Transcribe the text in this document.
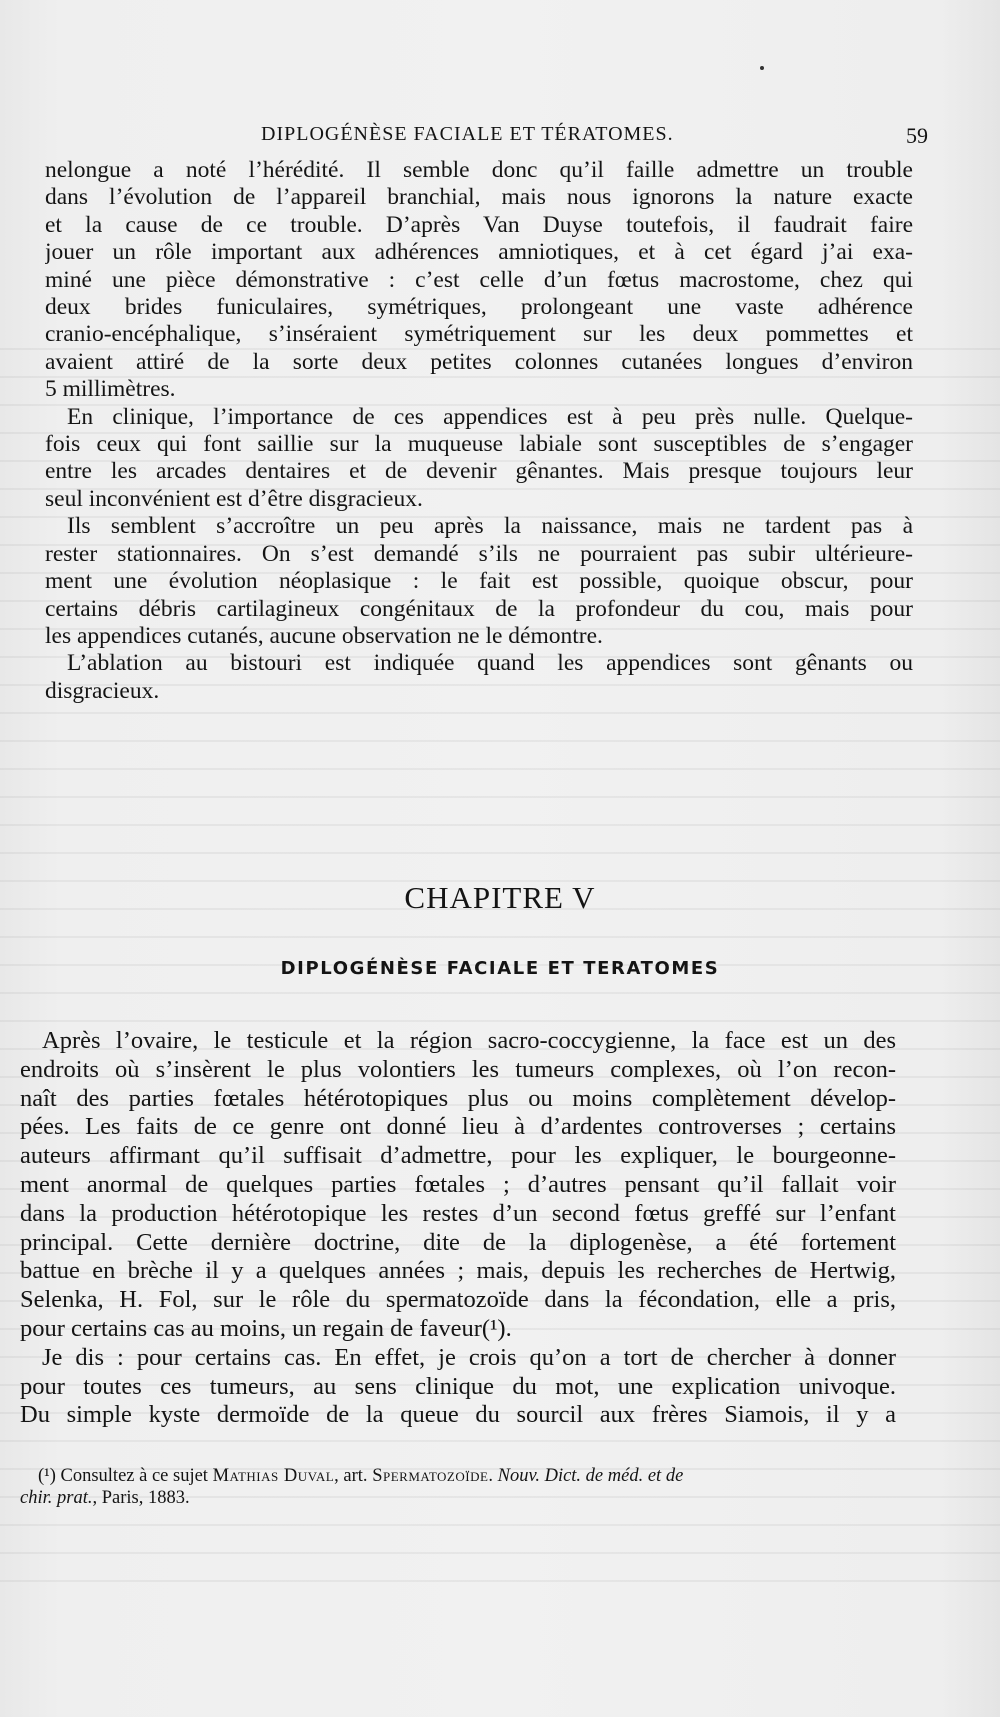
DIPLOGÉNÈSE FACIALE ET TÉRATOMES.	59
nelongue a noté l’hérédité. Il semble donc qu’il faille admettre un trouble
dans l’évolution de l’appareil branchial, mais nous ignorons la nature exacte
et la cause de ce trouble. D’après Van Duyse toutefois, il faudrait faire
jouer un rôle important aux adhérences amniotiques, et à cet égard j’ai exa-
miné une pièce démonstrative : c’est celle d’un fœtus macrostome, chez qui
deux brides funiculaires, symétriques, prolongeant une vaste adhérence
cranio-encéphalique, s’inséraient symétriquement sur les deux pommettes et
avaient attiré de la sorte deux petites colonnes cutanées longues d’environ
5 millimètres.
En clinique, l’importance de ces appendices est à peu près nulle. Quelque-
fois ceux qui font saillie sur la muqueuse labiale sont susceptibles de s’engager
entre les arcades dentaires et de devenir gênantes. Mais presque toujours leur
seul inconvénient est d’être disgracieux.
Ils semblent s’accroître un peu après la naissance, mais ne tardent pas à
rester stationnaires. On s’est demandé s’ils ne pourraient pas subir ultérieure-
ment une évolution néoplasique : le fait est possible, quoique obscur, pour
certains débris cartilagineux congénitaux de la profondeur du cou, mais pour
les appendices cutanés, aucune observation ne le démontre.
L’ablation au bistouri est indiquée quand les appendices sont gênants ou
disgracieux.
CHAPITRE V
DIPLOGÉNÈSE FACIALE ET TERATOMES
Après l’ovaire, le testicule et la région sacro-coccygienne, la face est un des
endroits où s’insèrent le plus volontiers les tumeurs complexes, où l’on recon-
naît des parties fœtales hétérotopiques plus ou moins complètement dévelop-
pées. Les faits de ce genre ont donné lieu à d’ardentes controverses ; certains
auteurs affirmant qu’il suffisait d’admettre, pour les expliquer, le bourgeonne-
ment anormal de quelques parties fœtales ; d’autres pensant qu’il fallait voir
dans la production hétérotopique les restes d’un second fœtus greffé sur l’enfant
principal. Cette dernière doctrine, dite de la diplogenèse, a été fortement
battue en brèche il y a quelques années ; mais, depuis les recherches de Hertwig,
Selenka, H. Fol, sur le rôle du spermatozoïde dans la fécondation, elle a pris,
pour certains cas au moins, un regain de faveur(¹).
Je dis : pour certains cas. En effet, je crois qu’on a tort de chercher à donner
pour toutes ces tumeurs, au sens clinique du mot, une explication univoque.
Du simple kyste dermoïde de la queue du sourcil aux frères Siamois, il y a
(¹) Consultez à ce sujet Mathias Duval, art. Spermatozoïde. Nouv. Dict. de méd. et de
chir. prat., Paris, 1883.
